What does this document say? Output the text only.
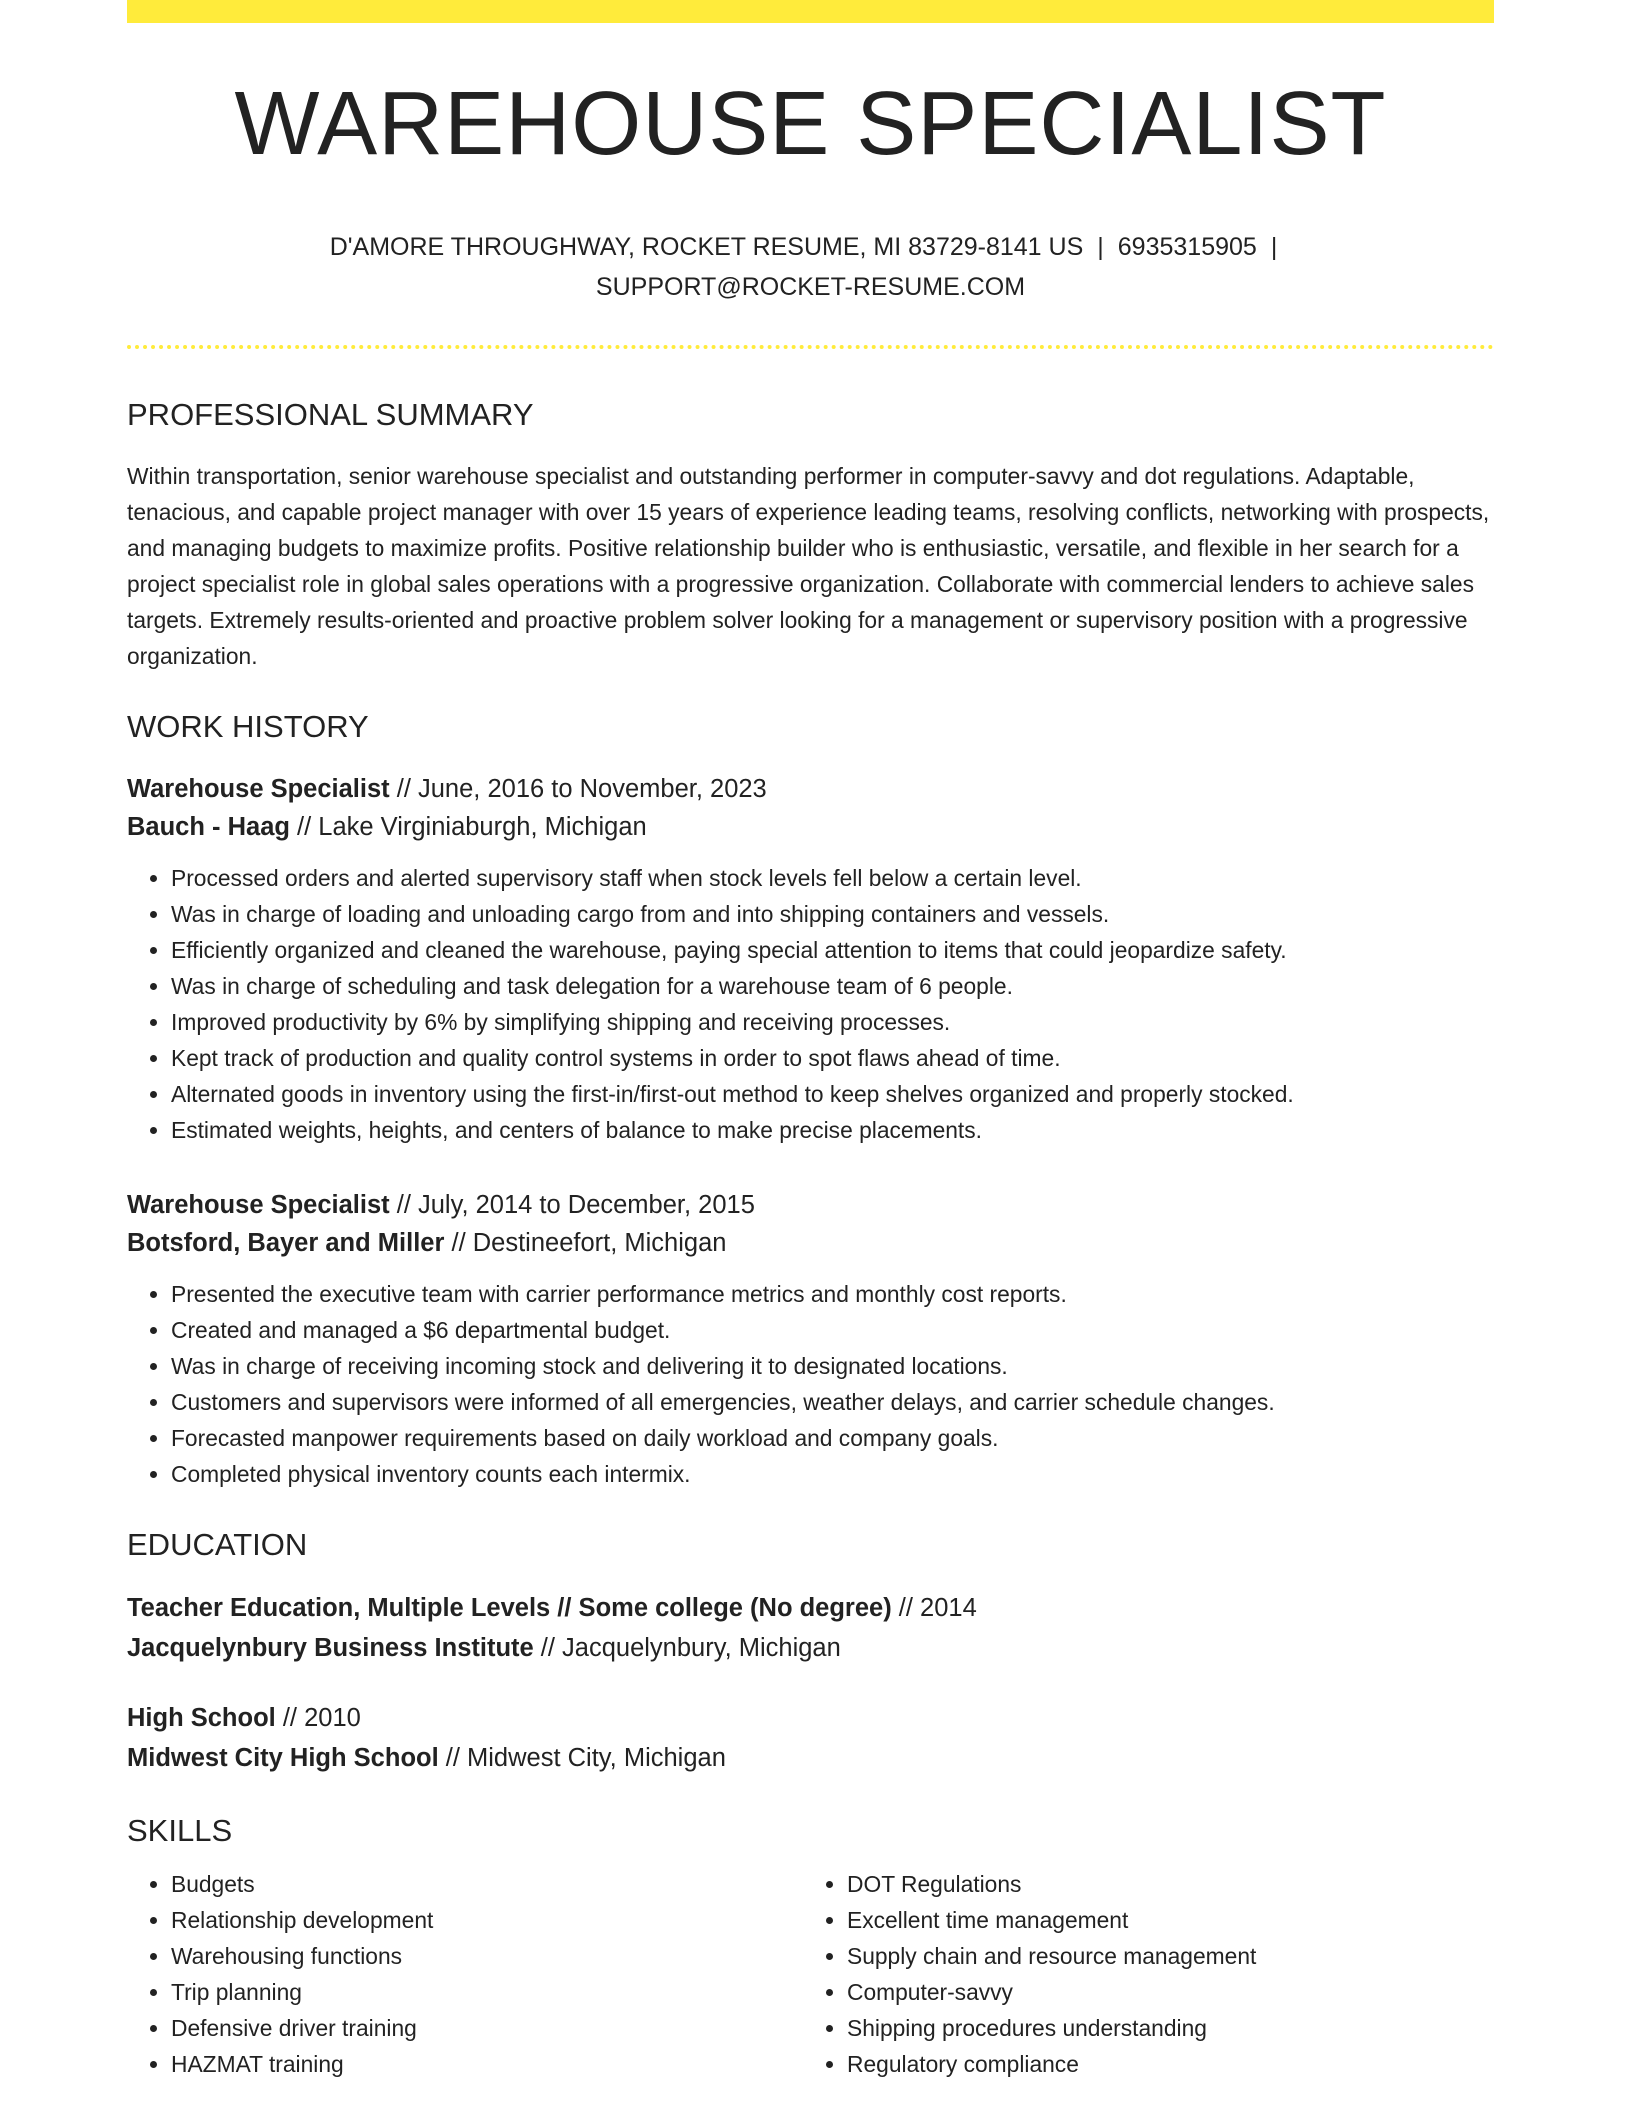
WAREHOUSE SPECIALIST
D'AMORE THROUGHWAY, ROCKET RESUME, MI 83729-8141 US | 6935315905 |
SUPPORT@ROCKET-RESUME.COM
PROFESSIONAL SUMMARY
Within transportation, senior warehouse specialist and outstanding performer in computer-savvy and dot regulations. Adaptable, tenacious, and capable project manager with over 15 years of experience leading teams, resolving conflicts, networking with prospects, and managing budgets to maximize profits. Positive relationship builder who is enthusiastic, versatile, and flexible in her search for a project specialist role in global sales operations with a progressive organization. Collaborate with commercial lenders to achieve sales targets. Extremely results-oriented and proactive problem solver looking for a management or supervisory position with a progressive organization.
WORK HISTORY
Warehouse Specialist // June, 2016 to November, 2023
Bauch - Haag // Lake Virginiaburgh, Michigan
• Processed orders and alerted supervisory staff when stock levels fell below a certain level.
• Was in charge of loading and unloading cargo from and into shipping containers and vessels.
• Efficiently organized and cleaned the warehouse, paying special attention to items that could jeopardize safety.
• Was in charge of scheduling and task delegation for a warehouse team of 6 people.
• Improved productivity by 6% by simplifying shipping and receiving processes.
• Kept track of production and quality control systems in order to spot flaws ahead of time.
• Alternated goods in inventory using the first-in/first-out method to keep shelves organized and properly stocked.
• Estimated weights, heights, and centers of balance to make precise placements.
Warehouse Specialist // July, 2014 to December, 2015
Botsford, Bayer and Miller // Destineefort, Michigan
• Presented the executive team with carrier performance metrics and monthly cost reports.
• Created and managed a $6 departmental budget.
• Was in charge of receiving incoming stock and delivering it to designated locations.
• Customers and supervisors were informed of all emergencies, weather delays, and carrier schedule changes.
• Forecasted manpower requirements based on daily workload and company goals.
• Completed physical inventory counts each intermix.
EDUCATION
Teacher Education, Multiple Levels // Some college (No degree) // 2014
Jacquelynbury Business Institute // Jacquelynbury, Michigan
High School // 2010
Midwest City High School // Midwest City, Michigan
SKILLS
• Budgets
• Relationship development
• Warehousing functions
• Trip planning
• Defensive driver training
• HAZMAT training
• DOT Regulations
• Excellent time management
• Supply chain and resource management
• Computer-savvy
• Shipping procedures understanding
• Regulatory compliance
